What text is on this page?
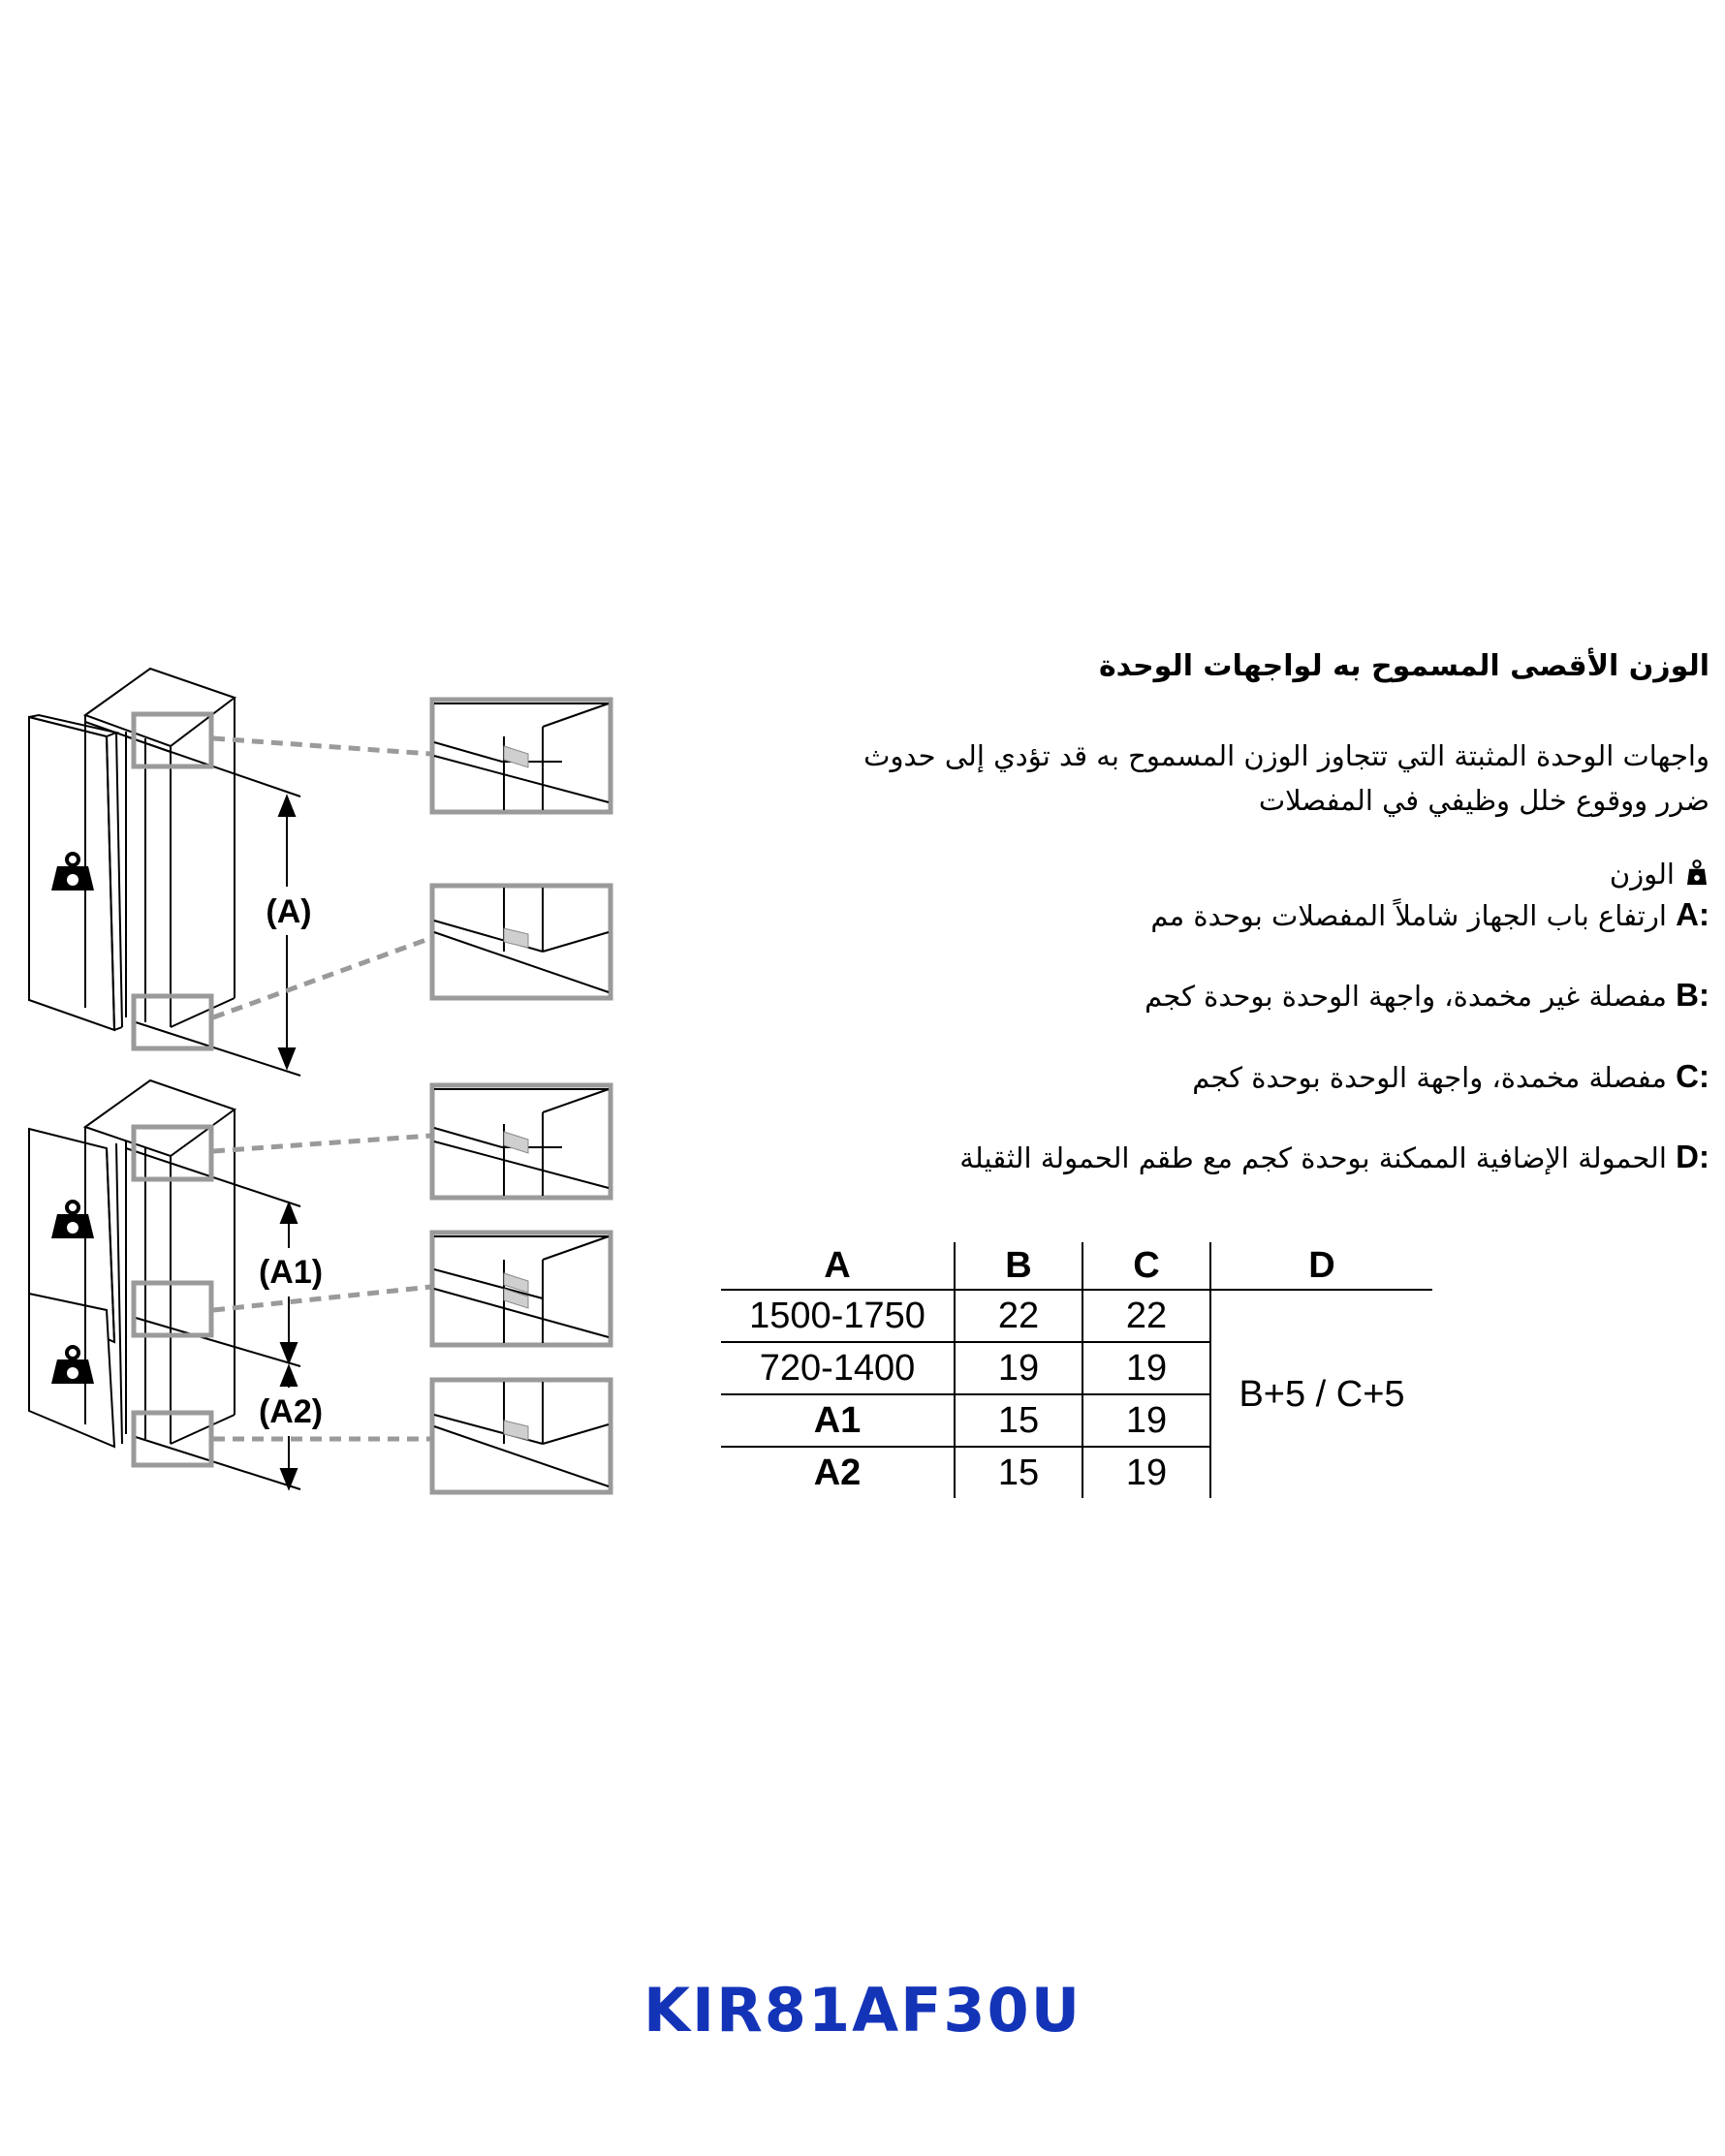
(A)
(A1)
(A2)
الوزن الأقصى المسموح به لواجهات الوحدة
واجهات الوحدة المثبتة التي تتجاوز الوزن المسموح به قد تؤدي إلى حدوث
ضرر ووقوع خلل وظيفي في المفصلات
الوزن
A: ارتفاع باب الجهاز شاملاً المفصلات بوحدة مم
B: مفصلة غير مخمدة، واجهة الوحدة بوحدة كجم
C: مفصلة مخمدة، واجهة الوحدة بوحدة كجم
D: الحمولة الإضافية الممكنة بوحدة كجم مع طقم الحمولة الثقيلة
A	B	C	D
1500-1750	22	22	B+5 / C+5
720-1400	19	19	
A1	15	19	
A2	15	19	
KIR81AF30U
